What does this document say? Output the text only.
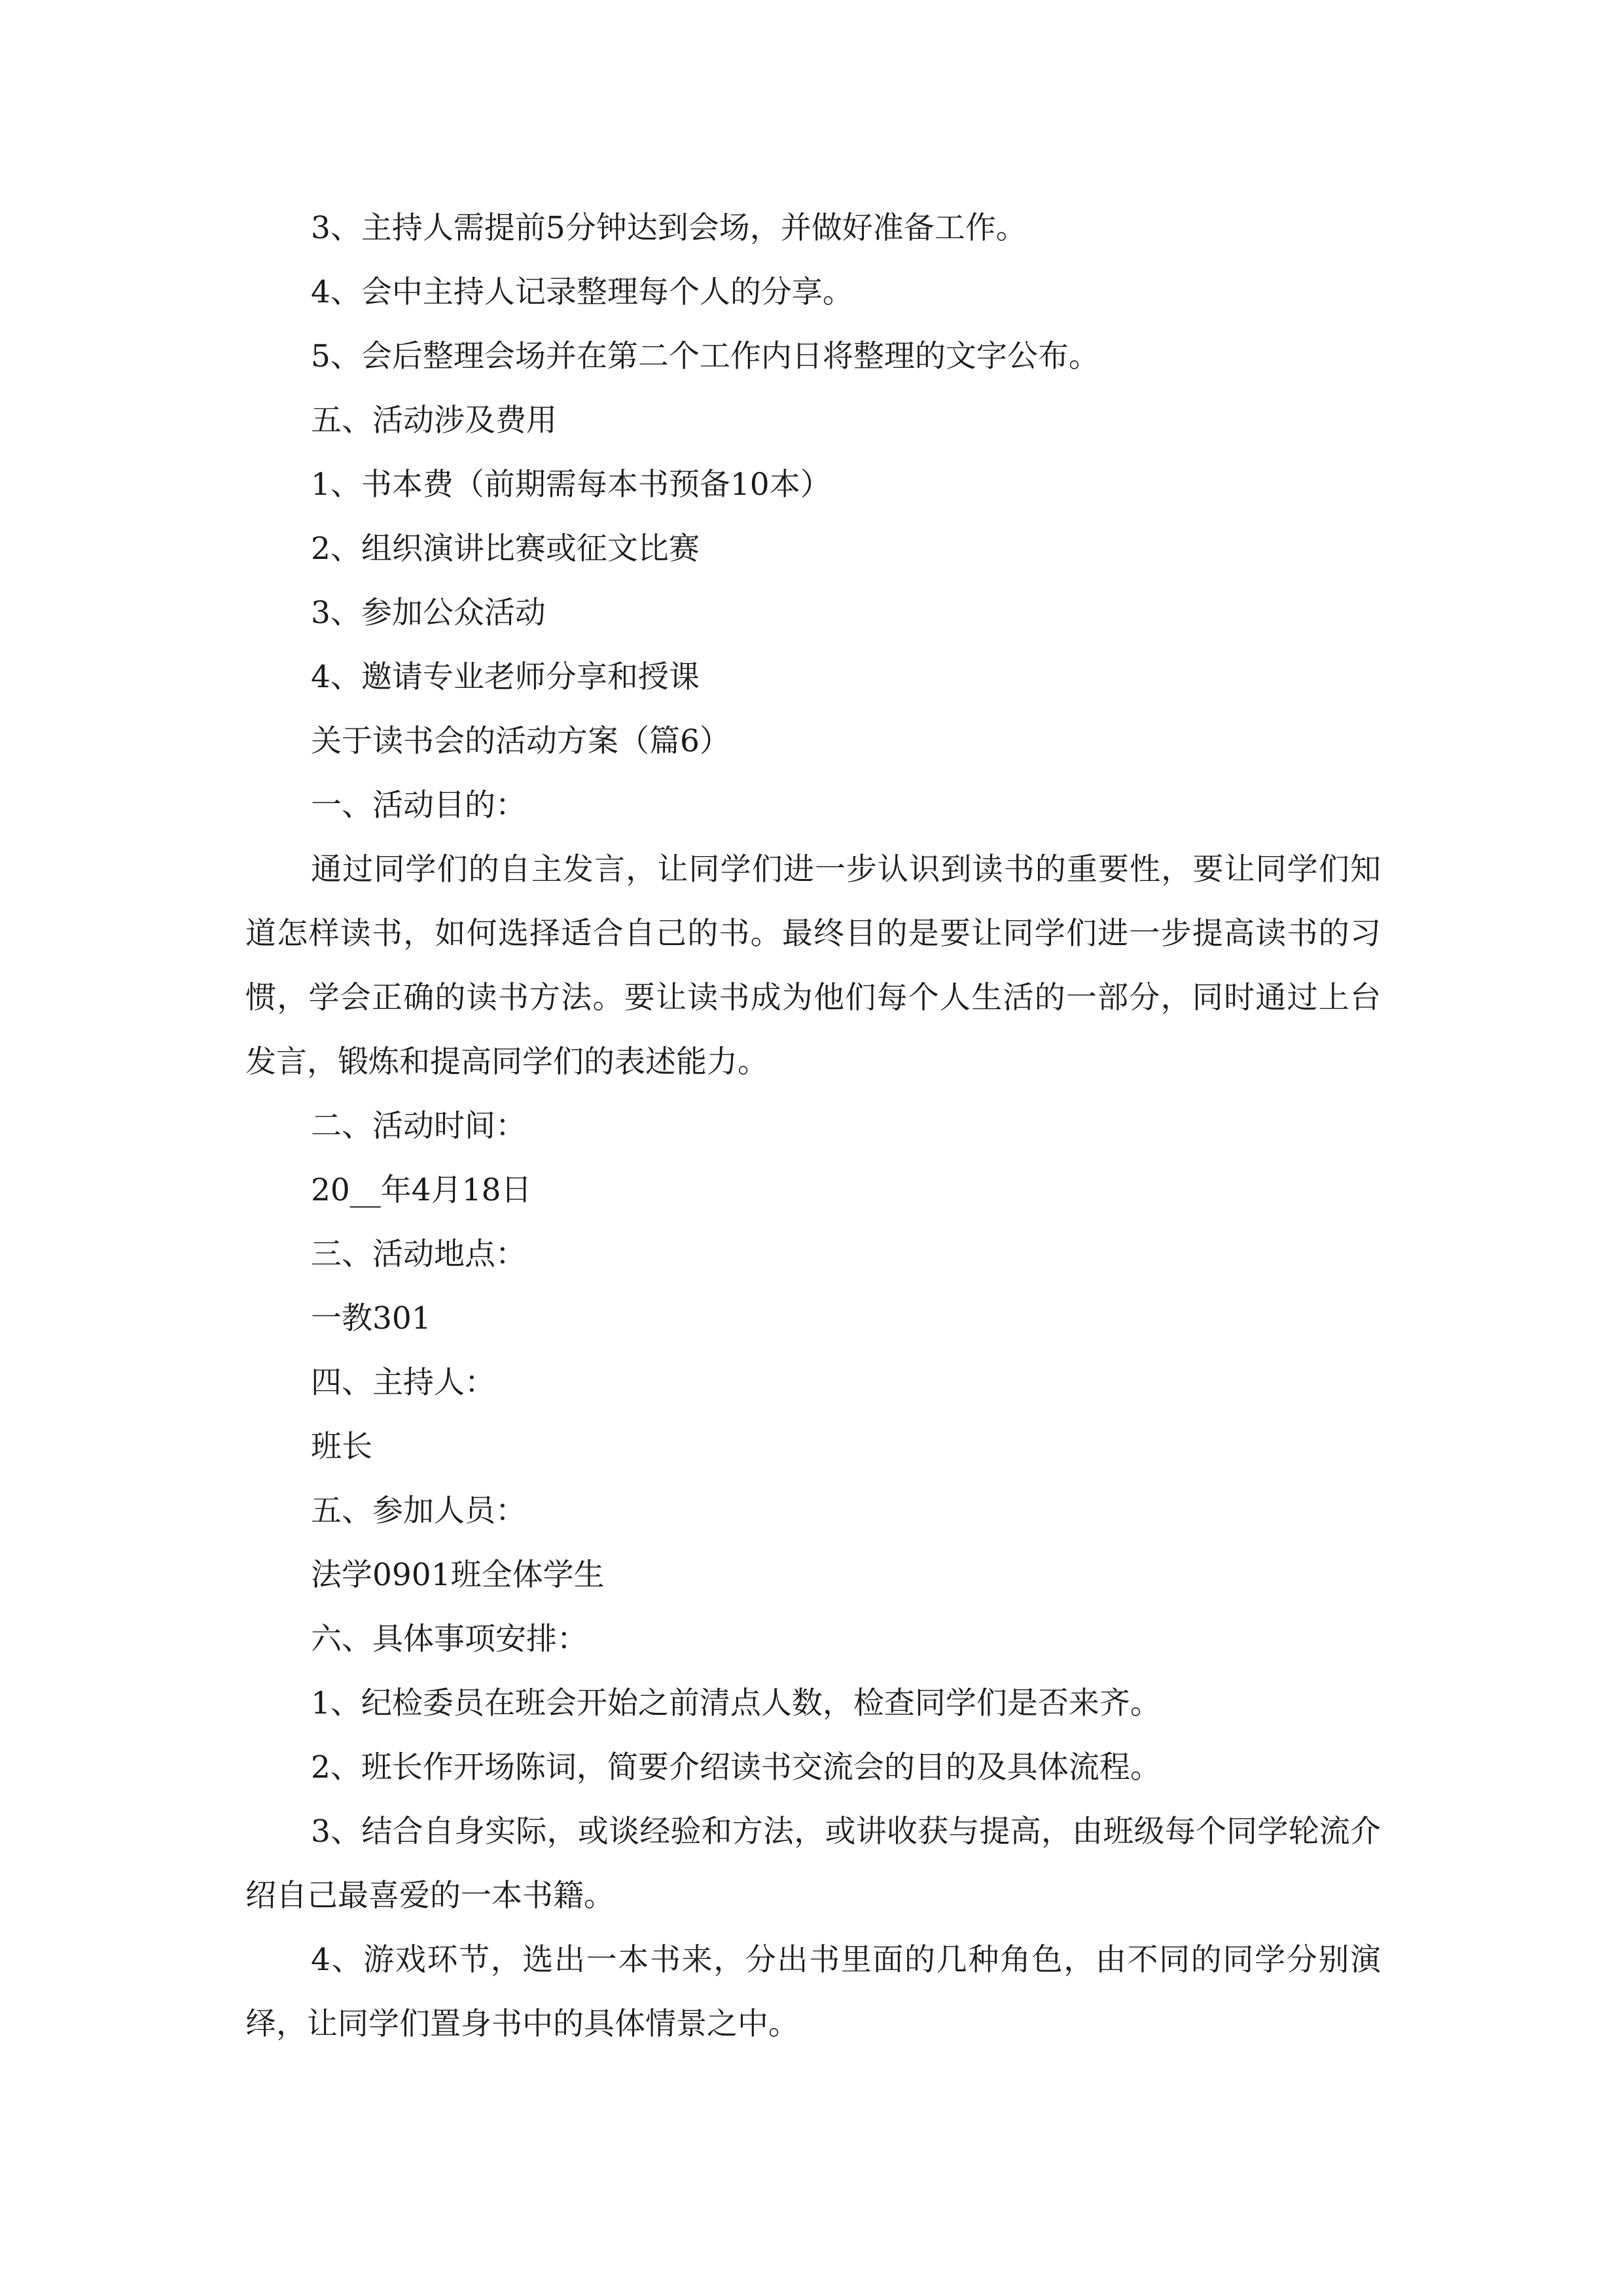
3、主持人需提前5分钟达到会场，并做好准备工作。
4、会中主持人记录整理每个人的分享。
5、会后整理会场并在第二个工作内日将整理的文字公布。
五、活动涉及费用
1、书本费（前期需每本书预备10本）
2、组织演讲比赛或征文比赛
3、参加公众活动
4、邀请专业老师分享和授课
关于读书会的活动方案（篇6）
一、活动目的：

通过同学们的自主发言，让同学们进一步认识到读书的重要性，要让同学们知道怎样读书，如何选择适合自己的书。最终目的是要让同学们进一步提高读书的习惯，学会正确的读书方法。要让读书成为他们每个人生活的一部分，同时通过上台发言，锻炼和提高同学们的表述能力。

二、活动时间：
20__年4月18日
三、活动地点：
一教301
四、主持人：
班长
五、参加人员：
法学0901班全体学生
六、具体事项安排：
1、纪检委员在班会开始之前清点人数，检查同学们是否来齐。
2、班长作开场陈词，简要介绍读书交流会的目的及具体流程。

3、结合自身实际，或谈经验和方法，或讲收获与提高，由班级每个同学轮流介绍自己最喜爱的一本书籍。

4、游戏环节，选出一本书来，分出书里面的几种角色，由不同的同学分别演绎，让同学们置身书中的具体情景之中。
